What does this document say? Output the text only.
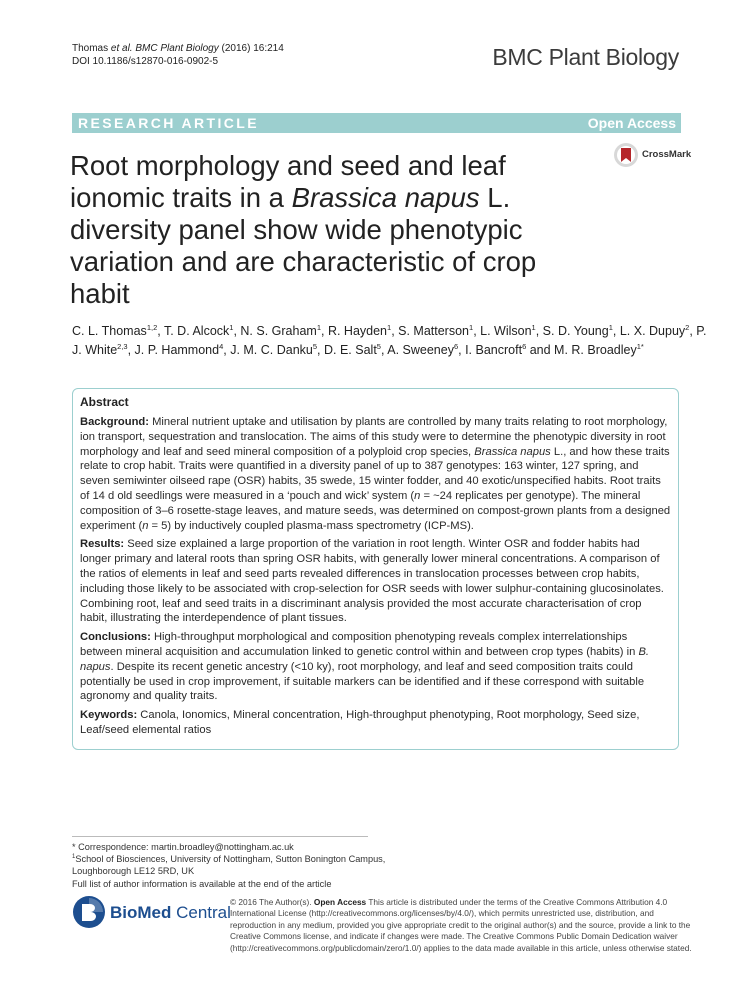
Thomas et al. BMC Plant Biology (2016) 16:214
DOI 10.1186/s12870-016-0902-5	BMC Plant Biology
RESEARCH ARTICLE	Open Access
Root morphology and seed and leaf ionomic traits in a Brassica napus L. diversity panel show wide phenotypic variation and are characteristic of crop habit
CrossMark
C. L. Thomas$^{1,2}$, T. D. Alcock$^1$, N. S. Graham$^1$, R. Hayden$^1$, S. Matterson$^1$, L. Wilson$^1$, S. D. Young$^1$, L. X. Dupuy$^2$, P. J. White$^{2,3}$, J. P. Hammond$^4$, J. M. C. Danku$^5$, D. E. Salt$^5$, A. Sweeney$^6$, I. Bancroft$^6$ and M. R. Broadley$^{1*}$
Abstract

Background: Mineral nutrient uptake and utilisation by plants are controlled by many traits relating to root morphology, ion transport, sequestration and translocation. The aims of this study were to determine the phenotypic diversity in root morphology and leaf and seed mineral composition of a polyploid crop species, Brassica napus L., and how these traits relate to crop habit. Traits were quantified in a diversity panel of up to 387 genotypes: 163 winter, 127 spring, and seven semiwinter oilseed rape (OSR) habits, 35 swede, 15 winter fodder, and 40 exotic/unspecified habits. Root traits of 14 d old seedlings were measured in a ‘pouch and wick’ system (n = ~24 replicates per genotype). The mineral composition of 3–6 rosette-stage leaves, and mature seeds, was determined on compost-grown plants from a designed experiment (n = 5) by inductively coupled plasma-mass spectrometry (ICP-MS).

Results: Seed size explained a large proportion of the variation in root length. Winter OSR and fodder habits had longer primary and lateral roots than spring OSR habits, with generally lower mineral concentrations. A comparison of the ratios of elements in leaf and seed parts revealed differences in translocation processes between crop habits, including those likely to be associated with crop-selection for OSR seeds with lower sulphur-containing glucosinolates. Combining root, leaf and seed traits in a discriminant analysis provided the most accurate characterisation of crop habit, illustrating the interdependence of plant tissues.

Conclusions: High-throughput morphological and composition phenotyping reveals complex interrelationships between mineral acquisition and accumulation linked to genetic control within and between crop types (habits) in B. napus. Despite its recent genetic ancestry (<10 ky), root morphology, and leaf and seed composition traits could potentially be used in crop improvement, if suitable markers can be identified and if these correspond with suitable agronomy and quality traits.

Keywords: Canola, Ionomics, Mineral concentration, High-throughput phenotyping, Root morphology, Seed size, Leaf/seed elemental ratios

* Correspondence: martin.broadley@nottingham.ac.uk
$^1$School of Biosciences, University of Nottingham, Sutton Bonington Campus, Loughborough LE12 5RD, UK
Full list of author information is available at the end of the article
BioMed Central
© 2016 The Author(s). Open Access This article is distributed under the terms of the Creative Commons Attribution 4.0 International License (http://creativecommons.org/licenses/by/4.0/), which permits unrestricted use, distribution, and reproduction in any medium, provided you give appropriate credit to the original author(s) and the source, provide a link to the Creative Commons license, and indicate if changes were made. The Creative Commons Public Domain Dedication waiver (http://creativecommons.org/publicdomain/zero/1.0/) applies to the data made available in this article, unless otherwise stated.
